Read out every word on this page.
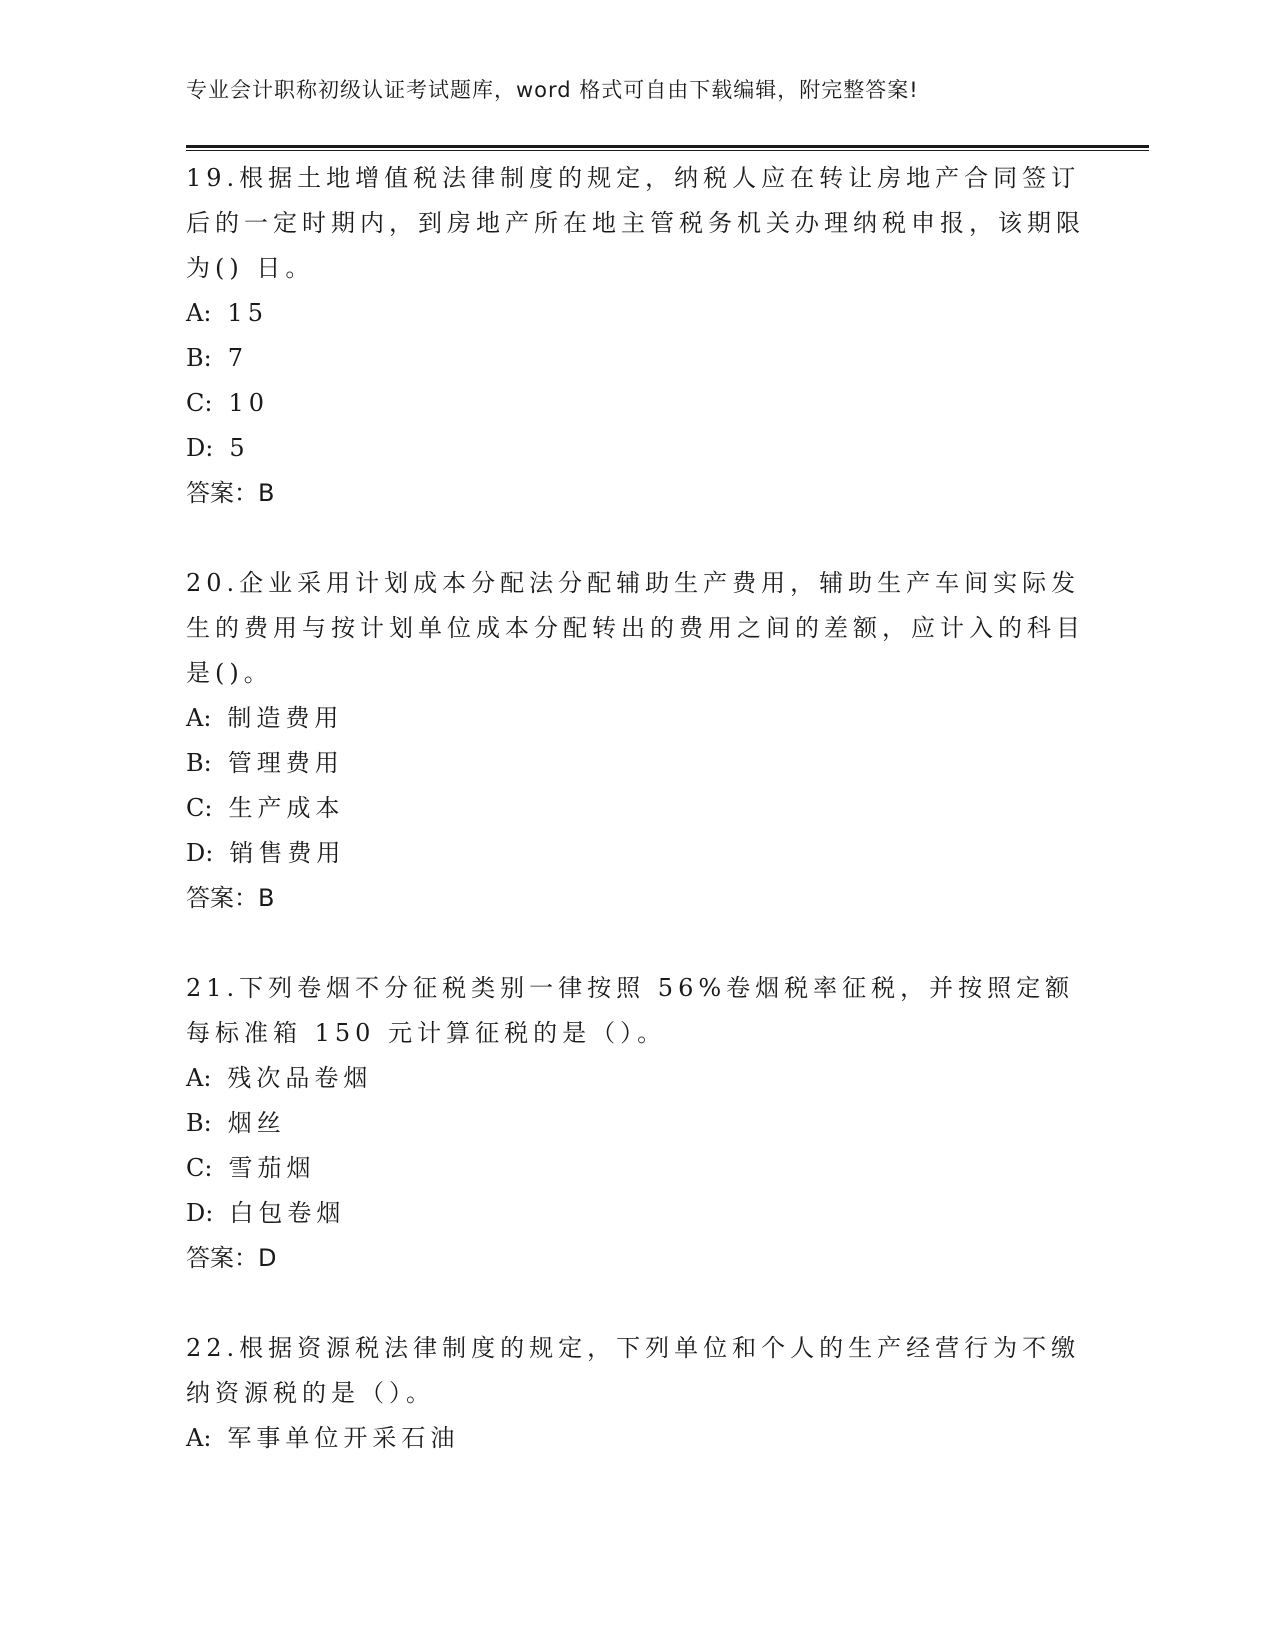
专业会计职称初级认证考试题库，word 格式可自由下载编辑，附完整答案!

19.根据土地增值税法律制度的规定，纳税人应在转让房地产合同签订后的一定时期内，到房地产所在地主管税务机关办理纳税申报，该期限为() 日。

A: 15
B: 7
C: 10
D: 5
答案：B

20.企业采用计划成本分配法分配辅助生产费用，辅助生产车间实际发生的费用与按计划单位成本分配转出的费用之间的差额，应计入的科目是()。

A: 制造费用
B: 管理费用
C: 生产成本
D: 销售费用
答案：B

21.下列卷烟不分征税类别一律按照 56%卷烟税率征税，并按照定额每标准箱 150 元计算征税的是（）。

A: 残次品卷烟
B: 烟丝
C: 雪茄烟
D: 白包卷烟
答案：D

22.根据资源税法律制度的规定，下列单位和个人的生产经营行为不缴纳资源税的是（）。

A: 军事单位开采石油
